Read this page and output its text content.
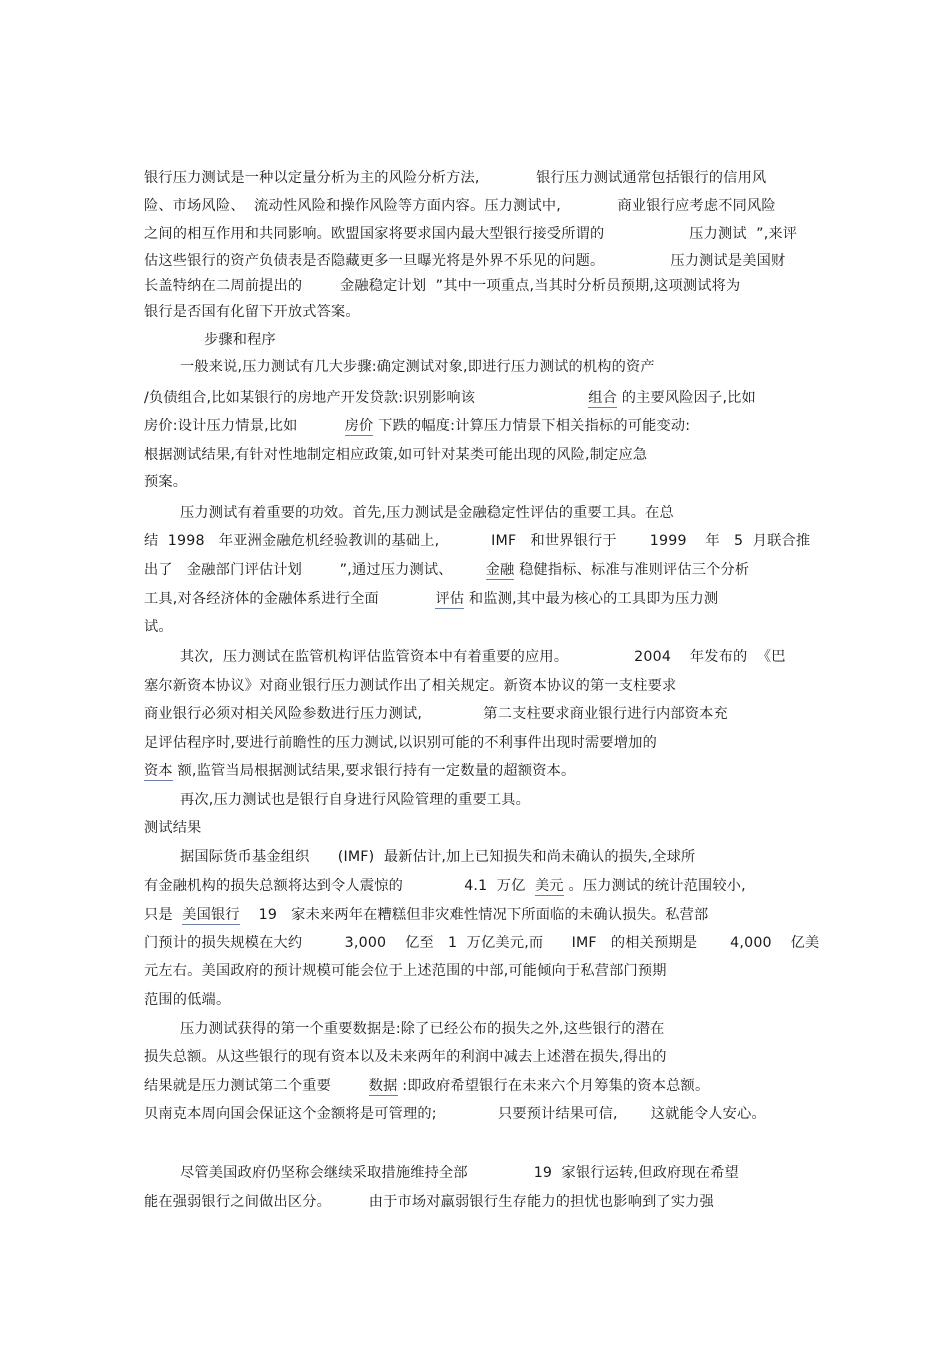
银行压力测试是一种以定量分析为主的风险分析方法,            银行压力测试通常包括银行的信用风
险、市场风险、  流动性风险和操作风险等方面内容。压力测试中,            商业银行应考虑不同风险
之间的相互作用和共同影响。欧盟国家将要求国内最大型银行接受所谓的                  压力测试  ”,来评
估这些银行的资产负债表是否隐藏更多一旦曝光将是外界不乐见的问题。              压力测试是美国财
长盖特纳在二周前提出的        金融稳定计划  ”其中一项重点,当其时分析员预期,这项测试将为
银行是否国有化留下开放式答案。
步骤和程序
一般来说,压力测试有几大步骤:确定测试对象,即进行压力测试的机构的资产
/负债组合,比如某银行的房地产开发贷款:识别影响该                        组合 的主要风险因子,比如
房价:设计压力情景,比如          房价 下跌的幅度:计算压力情景下相关指标的可能变动:
根据测试结果,有针对性地制定相应政策,如可针对某类可能出现的风险,制定应急
预案。
压力测试有着重要的功效。首先,压力测试是金融稳定性评估的重要工具。在总
结  1998   年亚洲金融危机经验教训的基础上,           IMF   和世界银行于       1999    年   5  月联合推
出了   金融部门评估计划        ”,通过压力测试、       金融 稳健指标、标准与准则评估三个分析
工具,对各经济体的金融体系进行全面            评估 和监测,其中最为核心的工具即为压力测
试。
其次,  压力测试在监管机构评估监管资本中有着重要的应用。              2004    年发布的  《巴
塞尔新资本协议》对商业银行压力测试作出了相关规定。新资本协议的第一支柱要求
商业银行必须对相关风险参数进行压力测试,             第二支柱要求商业银行进行内部资本充
足评估程序时,要进行前瞻性的压力测试,以识别可能的不利事件出现时需要增加的
资本 额,监管当局根据测试结果,要求银行持有一定数量的超额资本。
再次,压力测试也是银行自身进行风险管理的重要工具。
测试结果
据国际货币基金组织      (IMF)  最新估计,加上已知损失和尚未确认的损失,全球所
有金融机构的损失总额将达到令人震惊的             4.1  万亿  美元 。压力测试的统计范围较小,
只是  美国银行    19   家未来两年在糟糕但非灾难性情况下所面临的未确认损失。私营部
门预计的损失规模在大约         3,000    亿至   1  万亿美元,而      IMF   的相关预期是       4,000    亿美
元左右。美国政府的预计规模可能会位于上述范围的中部,可能倾向于私营部门预期
范围的低端。
压力测试获得的第一个重要数据是:除了已经公布的损失之外,这些银行的潜在
损失总额。从这些银行的现有资本以及未来两年的利润中减去上述潜在损失,得出的
结果就是压力测试第二个重要        数据 :即政府希望银行在未来六个月筹集的资本总额。
贝南克本周向国会保证这个金额将是可管理的;             只要预计结果可信,       这就能令人安心。
尽管美国政府仍坚称会继续采取措施维持全部              19  家银行运转,但政府现在希望
能在强弱银行之间做出区分。        由于市场对羸弱银行生存能力的担忧也影响到了实力强
